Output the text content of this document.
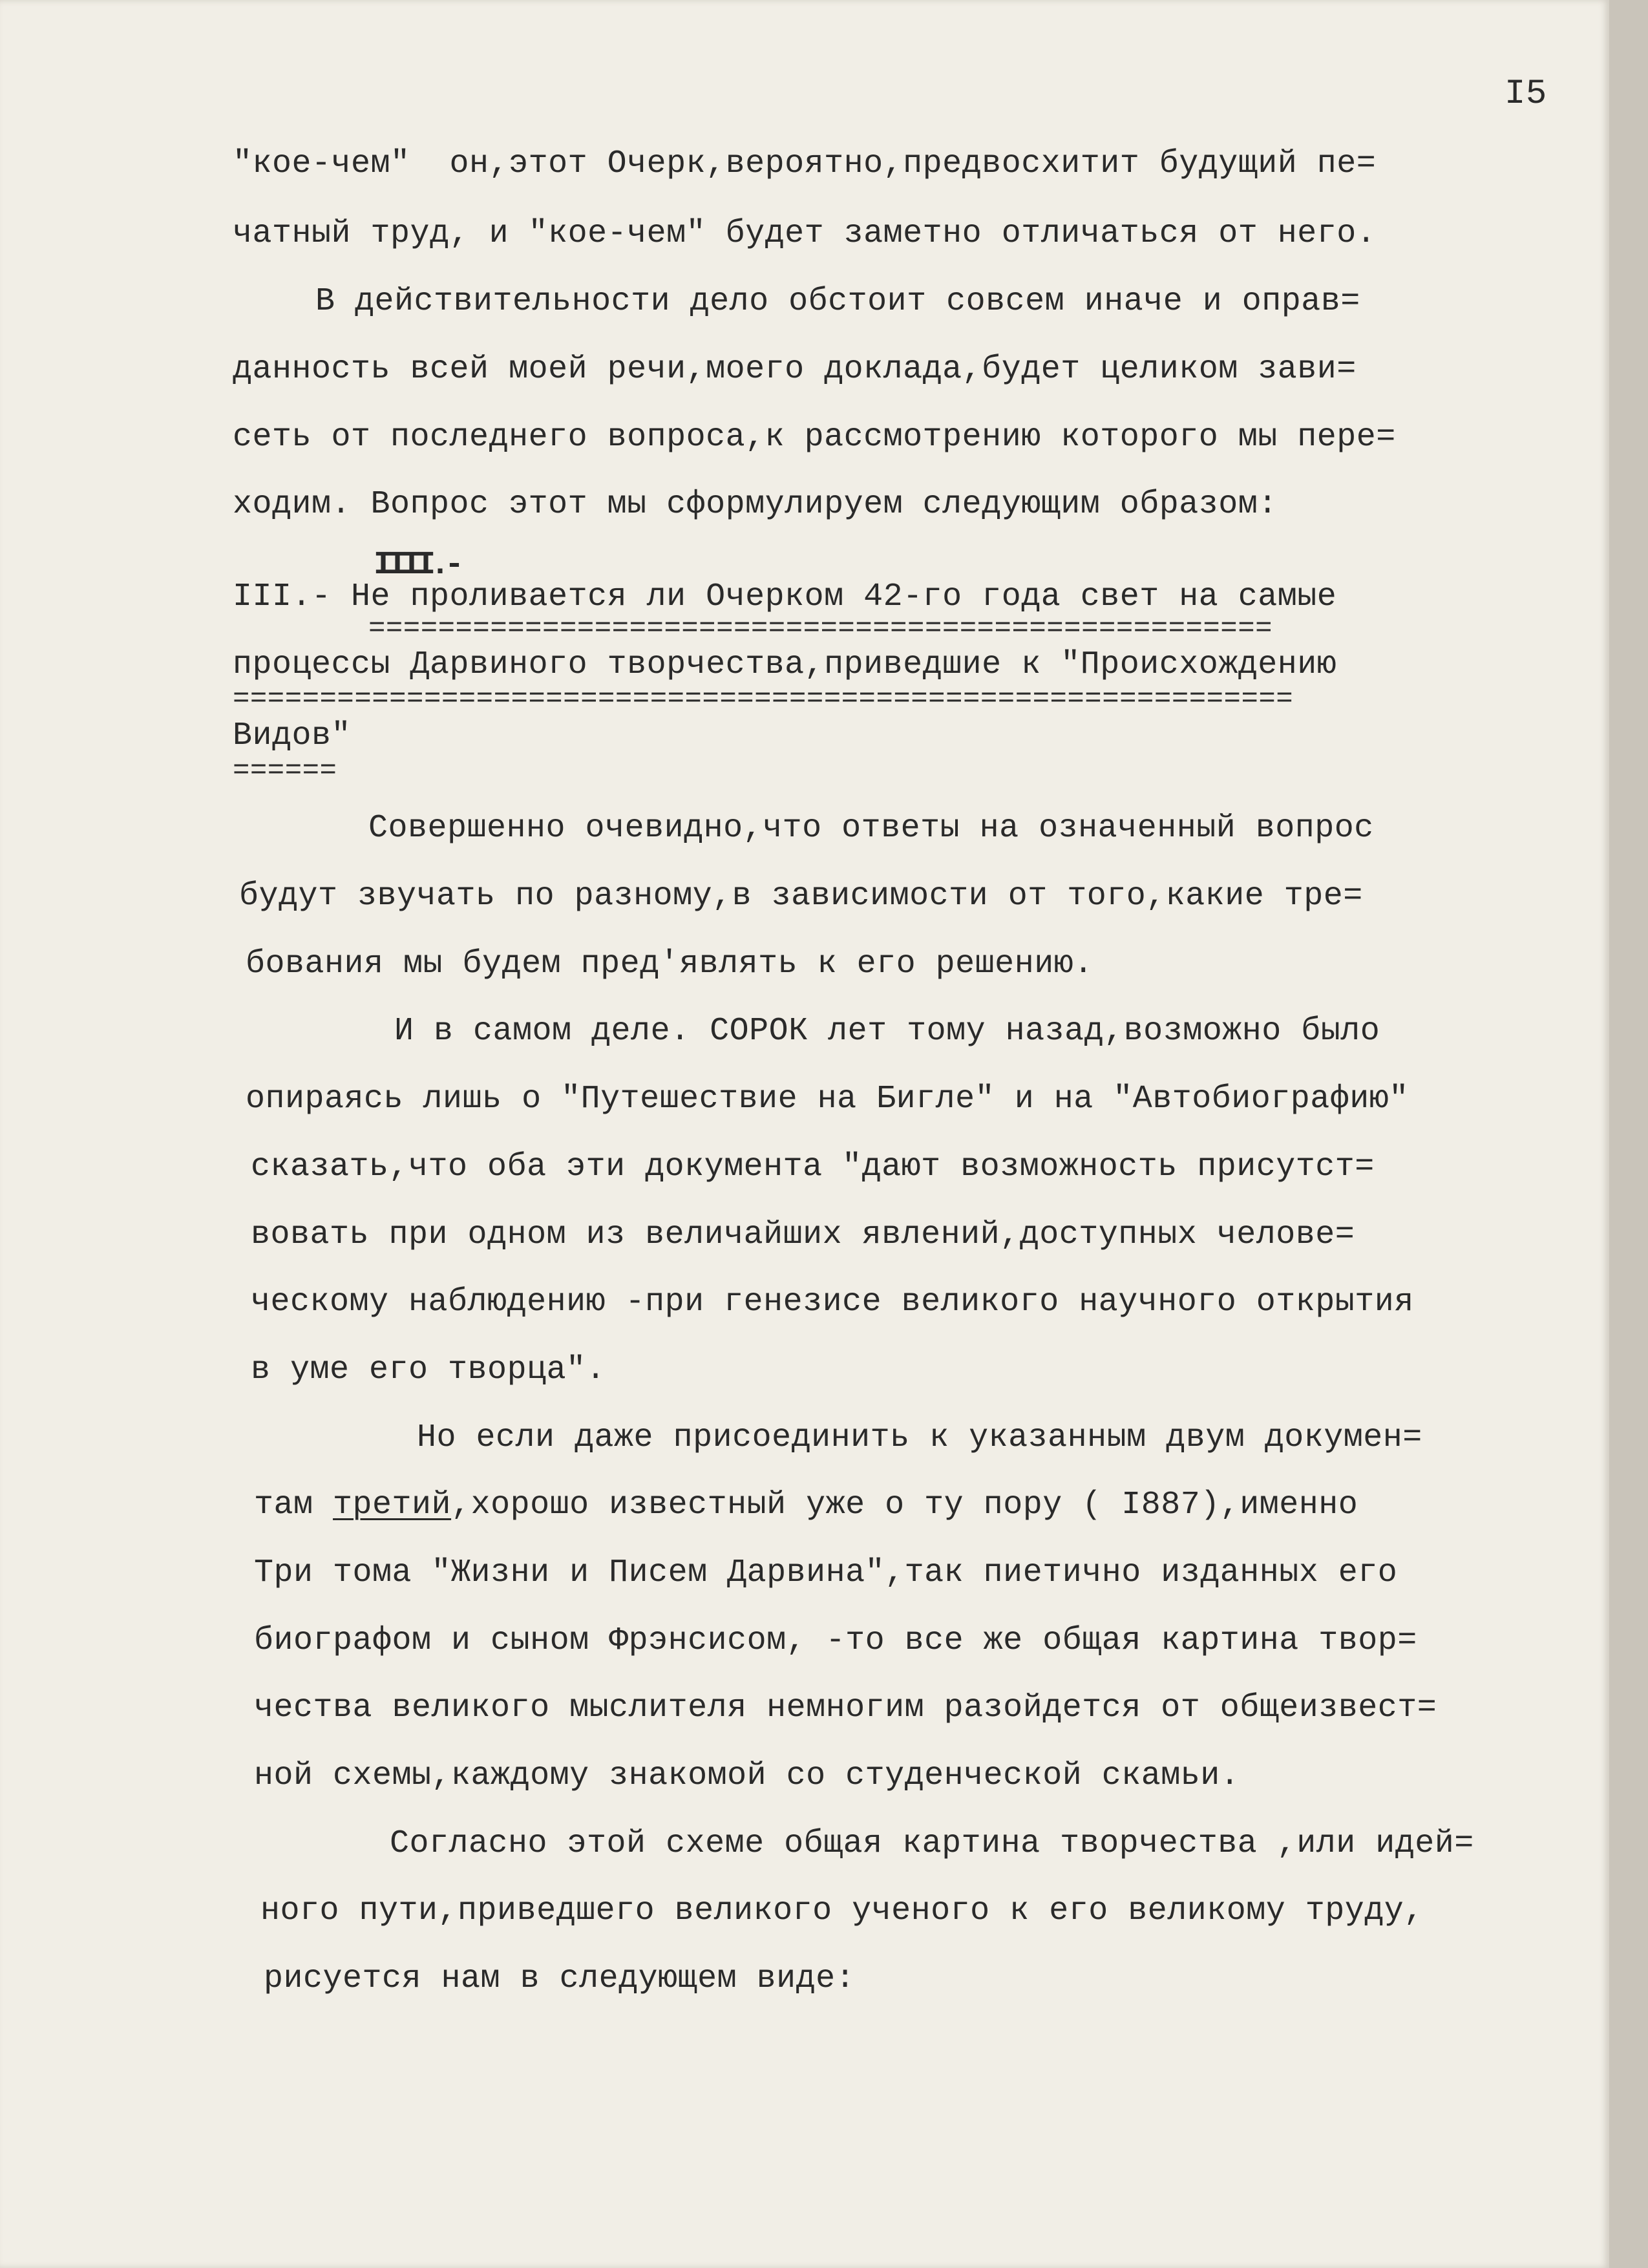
I5
"кое-чем"  он,этот Очерк,вероятно,предвосхитит будущий пе=
чатный труд, и "кое-чем" будет заметно отличаться от него.
В действительности дело обстоит совсем иначе и оправ=
данность всей моей речи,моего доклада,будет целиком зави=
сеть от последнего вопроса,к рассмотрению которого мы пере=
ходим. Вопрос этот мы сформулируем следующим образом:
IIII.-
III.- Не проливается ли Очерком 42-го года свет на самые
====================================================
процессы Дарвиного творчества,приведшие к "Происхождению
=============================================================
Видов"
======
Совершенно очевидно,что ответы на означенный вопрос
будут звучать по разному,в зависимости от того,какие тре=
бования мы будем пред'являть к его решению.
И в самом деле. СОРОК лет тому назад,возможно было
опираясь лишь о "Путешествие на Бигле" и на "Автобиографию"
сказать,что оба эти документа "дают возможность присутст=
вовать при одном из величайших явлений,доступных челове=
ческому наблюдению -при генезисе великого научного открытия
в уме его творца".
Но если даже присоединить к указанным двум докумен=
там третий,хорошо известный уже о ту пору ( I887),именно
Три тома "Жизни и Писем Дарвина",так пиетично изданных его
биографом и сыном Фрэнсисом, -то все же общая картина твор=
чества великого мыслителя немногим разойдется от общеизвест=
ной схемы,каждому знакомой со студенческой скамьи.
Согласно этой схеме общая картина творчества ,или идей=
ного пути,приведшего великого ученого к его великому труду,
рисуется нам в следующем виде:
